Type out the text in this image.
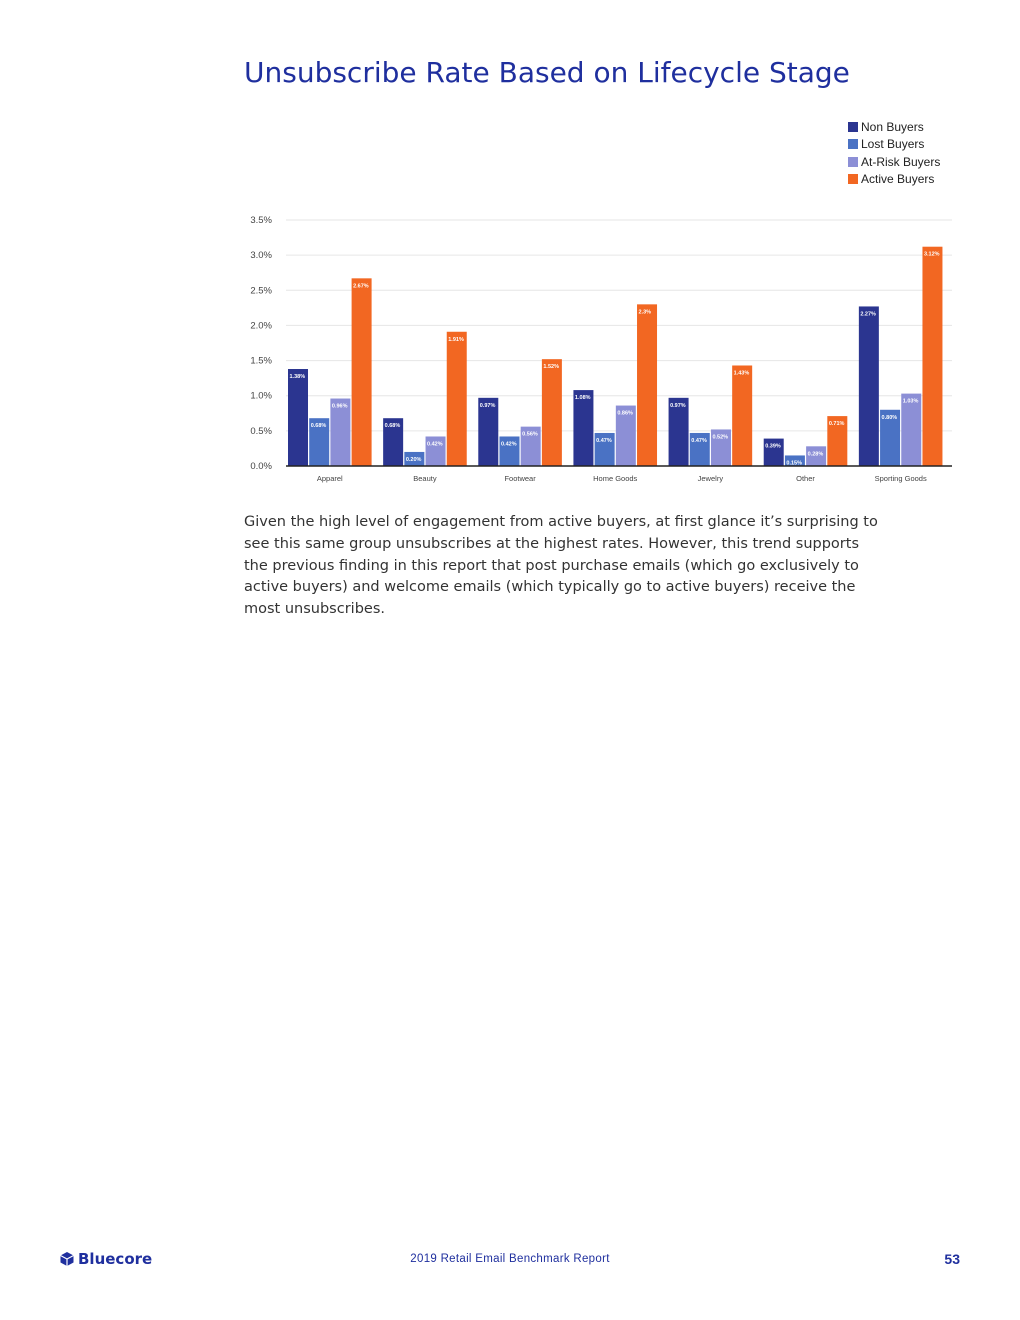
Unsubscribe Rate Based on Lifecycle Stage
0.0%
0.5%
1.0%
1.5%
2.0%
2.5%
3.0%
3.5%
1.38%
0.68%
0.96%
2.67%
Apparel
0.68%
0.20%
0.42%
1.91%
Beauty
0.97%
0.42%
0.56%
1.52%
Footwear
1.08%
0.47%
0.86%
2.3%
Home Goods
0.97%
0.47%
0.52%
1.43%
Jewelry
0.39%
0.15%
0.28%
0.71%
Other
2.27%
0.80%
1.03%
3.12%
Sporting Goods
Non Buyers
Lost Buyers
At-Risk Buyers
Active Buyers

Given the high level of engagement from active buyers, at first glance it’s surprising to see this same group unsubscribes at the highest rates. However, this trend supports the previous finding in this report that post purchase emails (which go exclusively to active buyers) and welcome emails (which typically go to active buyers) receive the most unsubscribes.

Bluecore	2019 Retail Email Benchmark Report	53
